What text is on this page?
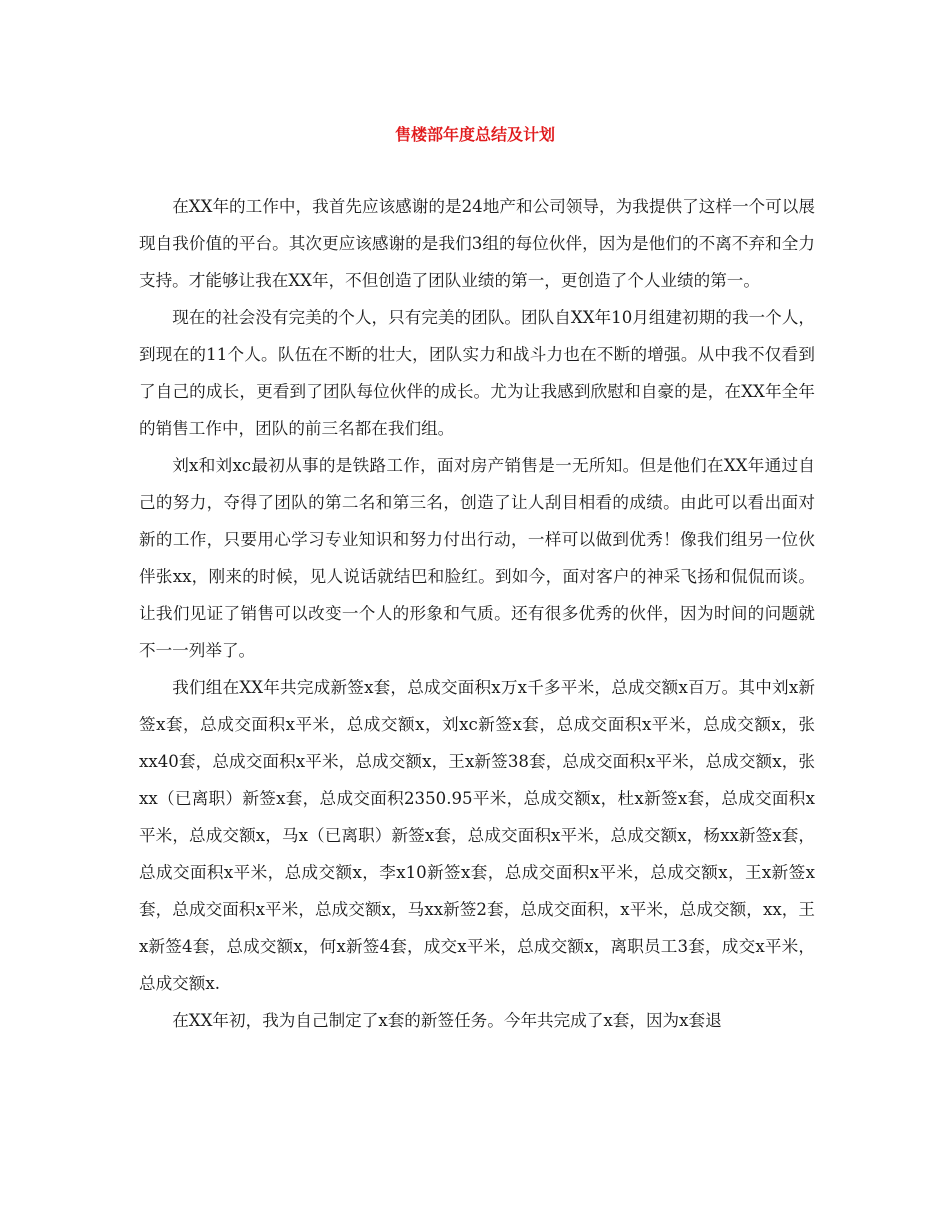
售楼部年度总结及计划

在XX年的工作中，我首先应该感谢的是24地产和公司领导，为我提供了这样一个可以展现自我价值的平台。其次更应该感谢的是我们3组的每位伙伴，因为是他们的不离不弃和全力支持。才能够让我在XX年，不但创造了团队业绩的第一，更创造了个人业绩的第一。

现在的社会没有完美的个人，只有完美的团队。团队自XX年10月组建初期的我一个人，到现在的11个人。队伍在不断的壮大，团队实力和战斗力也在不断的增强。从中我不仅看到了自己的成长，更看到了团队每位伙伴的成长。尤为让我感到欣慰和自豪的是，在XX年全年的销售工作中，团队的前三名都在我们组。

刘x和刘xc最初从事的是铁路工作，面对房产销售是一无所知。但是他们在XX年通过自己的努力，夺得了团队的第二名和第三名，创造了让人刮目相看的成绩。由此可以看出面对新的工作，只要用心学习专业知识和努力付出行动，一样可以做到优秀！像我们组另一位伙伴张xx，刚来的时候，见人说话就结巴和脸红。到如今，面对客户的神采飞扬和侃侃而谈。让我们见证了销售可以改变一个人的形象和气质。还有很多优秀的伙伴，因为时间的问题就不一一列举了。

我们组在XX年共完成新签x套，总成交面积x万x千多平米，总成交额x百万。其中刘x新签x套，总成交面积x平米，总成交额x，刘xc新签x套，总成交面积x平米，总成交额x，张xx40套，总成交面积x平米，总成交额x，王x新签38套，总成交面积x平米，总成交额x，张xx（已离职）新签x套，总成交面积2350.95平米，总成交额x，杜x新签x套，总成交面积x平米，总成交额x，马x（已离职）新签x套，总成交面积x平米，总成交额x，杨xx新签x套，总成交面积x平米，总成交额x，李x10新签x套，总成交面积x平米，总成交额x，王x新签x套，总成交面积x平米，总成交额x，马xx新签2套，总成交面积，x平米，总成交额，xx，王x新签4套，总成交额x，何x新签4套，成交x平米，总成交额x，离职员工3套，成交x平米，总成交额x.

在XX年初，我为自己制定了x套的新签任务。今年共完成了x套，因为x套退
